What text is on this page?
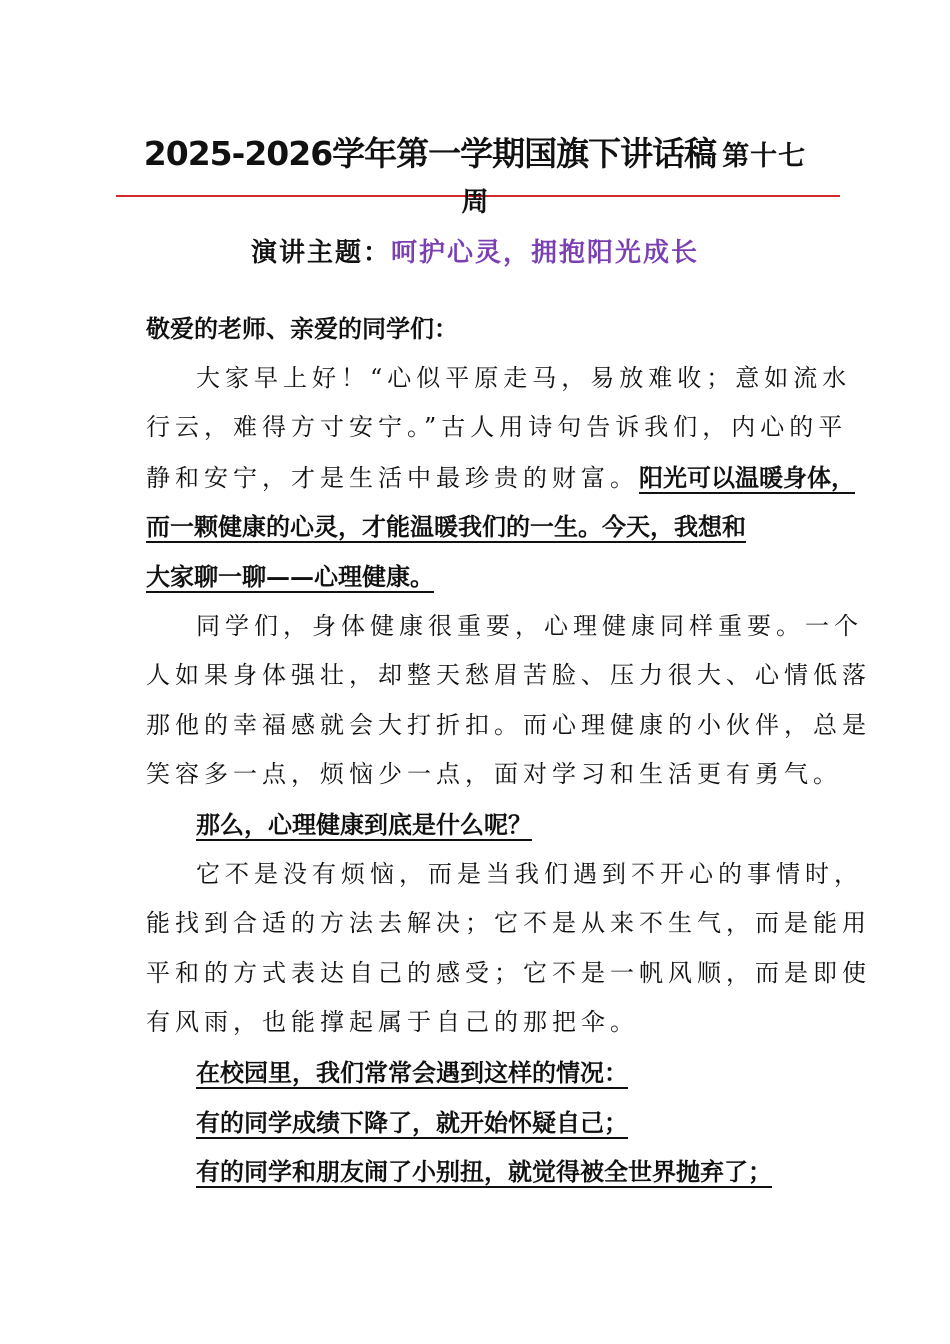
2025-2026学年第一学期国旗下讲话稿 第十七
周
演讲主题：呵护心灵，拥抱阳光成长
敬爱的老师、亲爱的同学们：
大家早上好！“心似平原走马，易放难收；意如流水
行云，难得方寸安宁。”古人用诗句告诉我们，内心的平
静和安宁，才是生活中最珍贵的财富。阳光可以温暖身体，
而一颗健康的心灵，才能温暖我们的一生。今天，我想和
大家聊一聊——心理健康。
同学们，身体健康很重要，心理健康同样重要。一个
人如果身体强壮，却整天愁眉苦脸、压力很大、心情低落
那他的幸福感就会大打折扣。而心理健康的小伙伴，总是
笑容多一点，烦恼少一点，面对学习和生活更有勇气。
那么，心理健康到底是什么呢？
它不是没有烦恼，而是当我们遇到不开心的事情时，
能找到合适的方法去解决；它不是从来不生气，而是能用
平和的方式表达自己的感受；它不是一帆风顺，而是即使
有风雨，也能撑起属于自己的那把伞。
在校园里，我们常常会遇到这样的情况：
有的同学成绩下降了，就开始怀疑自己；
有的同学和朋友闹了小别扭，就觉得被全世界抛弃了；
